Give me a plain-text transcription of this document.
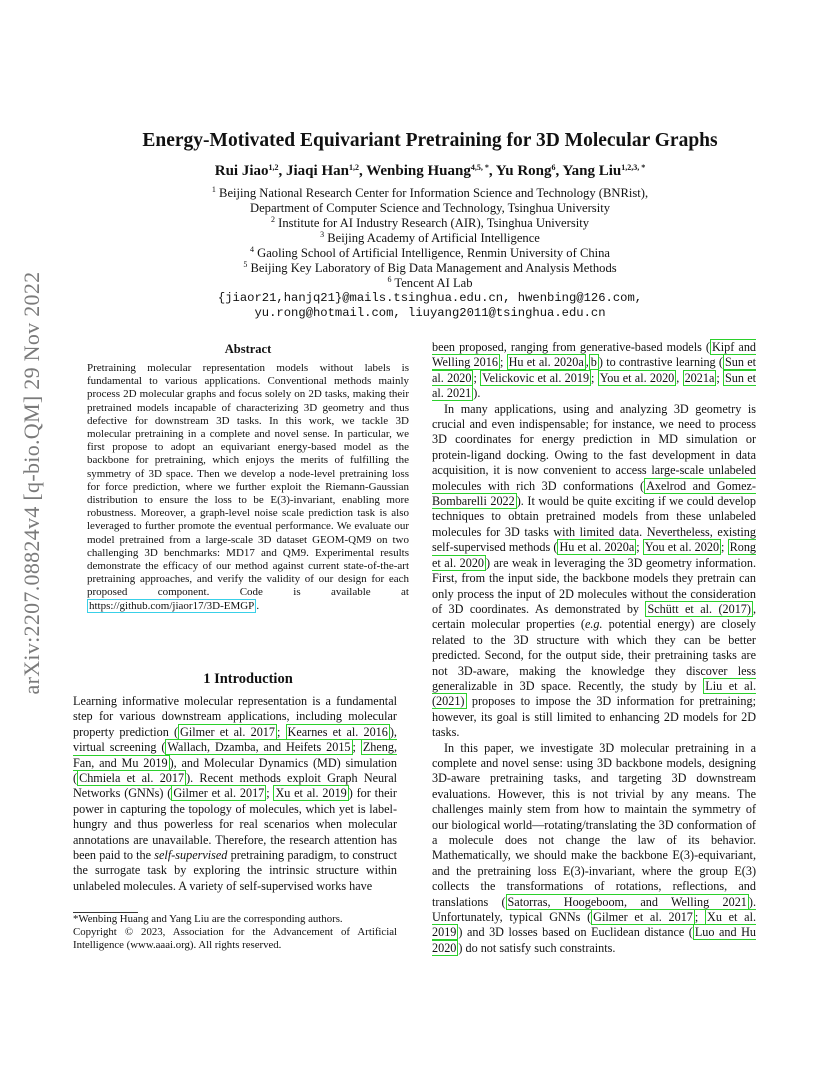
arXiv:2207.08824v4 [q-bio.QM] 29 Nov 2022
Energy-Motivated Equivariant Pretraining for 3D Molecular Graphs
Rui Jiao$^{1,2}$, Jiaqi Han$^{1,2}$, Wenbing Huang$^{4,5, *}$, Yu Rong$^6$, Yang Liu$^{1,2,3, *}$
$^1$ Beijing National Research Center for Information Science and Technology (BNRist),
Department of Computer Science and Technology, Tsinghua University
$^2$ Institute for AI Industry Research (AIR), Tsinghua University
$^3$ Beijing Academy of Artificial Intelligence
$^4$ Gaoling School of Artificial Intelligence, Renmin University of China
$^5$ Beijing Key Laboratory of Big Data Management and Analysis Methods
$^6$ Tencent AI Lab
{jiaor21,hanjq21}@mails.tsinghua.edu.cn, hwenbing@126.com,
yu.rong@hotmail.com, liuyang2011@tsinghua.edu.cn
Abstract

Pretraining molecular representation models without labels is fundamental to various applications. Conventional methods mainly process 2D molecular graphs and focus solely on 2D tasks, making their pretrained models incapable of characterizing 3D geometry and thus defective for downstream 3D tasks. In this work, we tackle 3D molecular pretraining in a complete and novel sense. In particular, we first propose to adopt an equivariant energy-based model as the backbone for pretraining, which enjoys the merits of fulfilling the symmetry of 3D space. Then we develop a node-level pretraining loss for force prediction, where we further exploit the Riemann-Gaussian distribution to ensure the loss to be E(3)-invariant, enabling more robustness. Moreover, a graph-level noise scale prediction task is also leveraged to further promote the eventual performance. We evaluate our model pretrained from a large-scale 3D dataset GEOM-QM9 on two challenging 3D benchmarks: MD17 and QM9. Experimental results demonstrate the efficacy of our method against current state-of-the-art pretraining approaches, and verify the validity of our design for each proposed component. Code is available at https://github.com/jiaor17/3D-EMGP .

1 Introduction

Learning informative molecular representation is a fundamental step for various downstream applications, including molecular property prediction ( Gilmer et al. 2017 ; Kearnes et al. 2016 ), virtual screening ( Wallach, Dzamba, and Heifets 2015 ; Zheng, Fan, and Mu 2019 ), and Molecular Dynamics (MD) simulation ( Chmiela et al. 2017 ). Recent methods exploit Graph Neural Networks (GNNs) ( Gilmer et al. 2017 ; Xu et al. 2019 ) for their power in capturing the topology of molecules, which yet is label-hungry and thus powerless for real scenarios when molecular annotations are unavailable. Therefore, the research attention has been paid to the self-supervised pretraining paradigm, to construct the surrogate task by exploring the intrinsic structure within unlabeled molecules. A variety of self-supervised works have

*Wenbing Huang and Yang Liu are the corresponding authors.

Copyright © 2023, Association for the Advancement of Artificial Intelligence (www.aaai.org). All rights reserved.

been proposed, ranging from generative-based models ( Kipf and Welling 2016 ; Hu et al. 2020a , b ) to contrastive learning ( Sun et al. 2020 ; Velickovic et al. 2019 ; You et al. 2020 , 2021a ; Sun et al. 2021 ).

In many applications, using and analyzing 3D geometry is crucial and even indispensable; for instance, we need to process 3D coordinates for energy prediction in MD simulation or protein-ligand docking. Owing to the fast development in data acquisition, it is now convenient to access large-scale unlabeled molecules with rich 3D conformations ( Axelrod and Gomez-Bombarelli 2022 ). It would be quite exciting if we could develop techniques to obtain pretrained models from these unlabeled molecules for 3D tasks with limited data. Nevertheless, existing self-supervised methods ( Hu et al. 2020a ; You et al. 2020 ; Rong et al. 2020 ) are weak in leveraging the 3D geometry information. First, from the input side, the backbone models they pretrain can only process the input of 2D molecules without the consideration of 3D coordinates. As demonstrated by Schütt et al. (2017) , certain molecular properties (e.g. potential energy) are closely related to the 3D structure with which they can be better predicted. Second, for the output side, their pretraining tasks are not 3D-aware, making the knowledge they discover less generalizable in 3D space. Recently, the study by Liu et al. (2021) proposes to impose the 3D information for pretraining; however, its goal is still limited to enhancing 2D models for 2D tasks.

In this paper, we investigate 3D molecular pretraining in a complete and novel sense: using 3D backbone models, designing 3D-aware pretraining tasks, and targeting 3D downstream evaluations. However, this is not trivial by any means. The challenges mainly stem from how to maintain the symmetry of our biological world—rotating/translating the 3D conformation of a molecule does not change the law of its behavior. Mathematically, we should make the backbone E(3)-equivariant, and the pretraining loss E(3)-invariant, where the group E(3) collects the transformations of rotations, reflections, and translations ( Satorras, Hoogeboom, and Welling 2021 ). Unfortunately, typical GNNs ( Gilmer et al. 2017 ; Xu et al. 2019 ) and 3D losses based on Euclidean distance ( Luo and Hu 2020 ) do not satisfy such constraints.
